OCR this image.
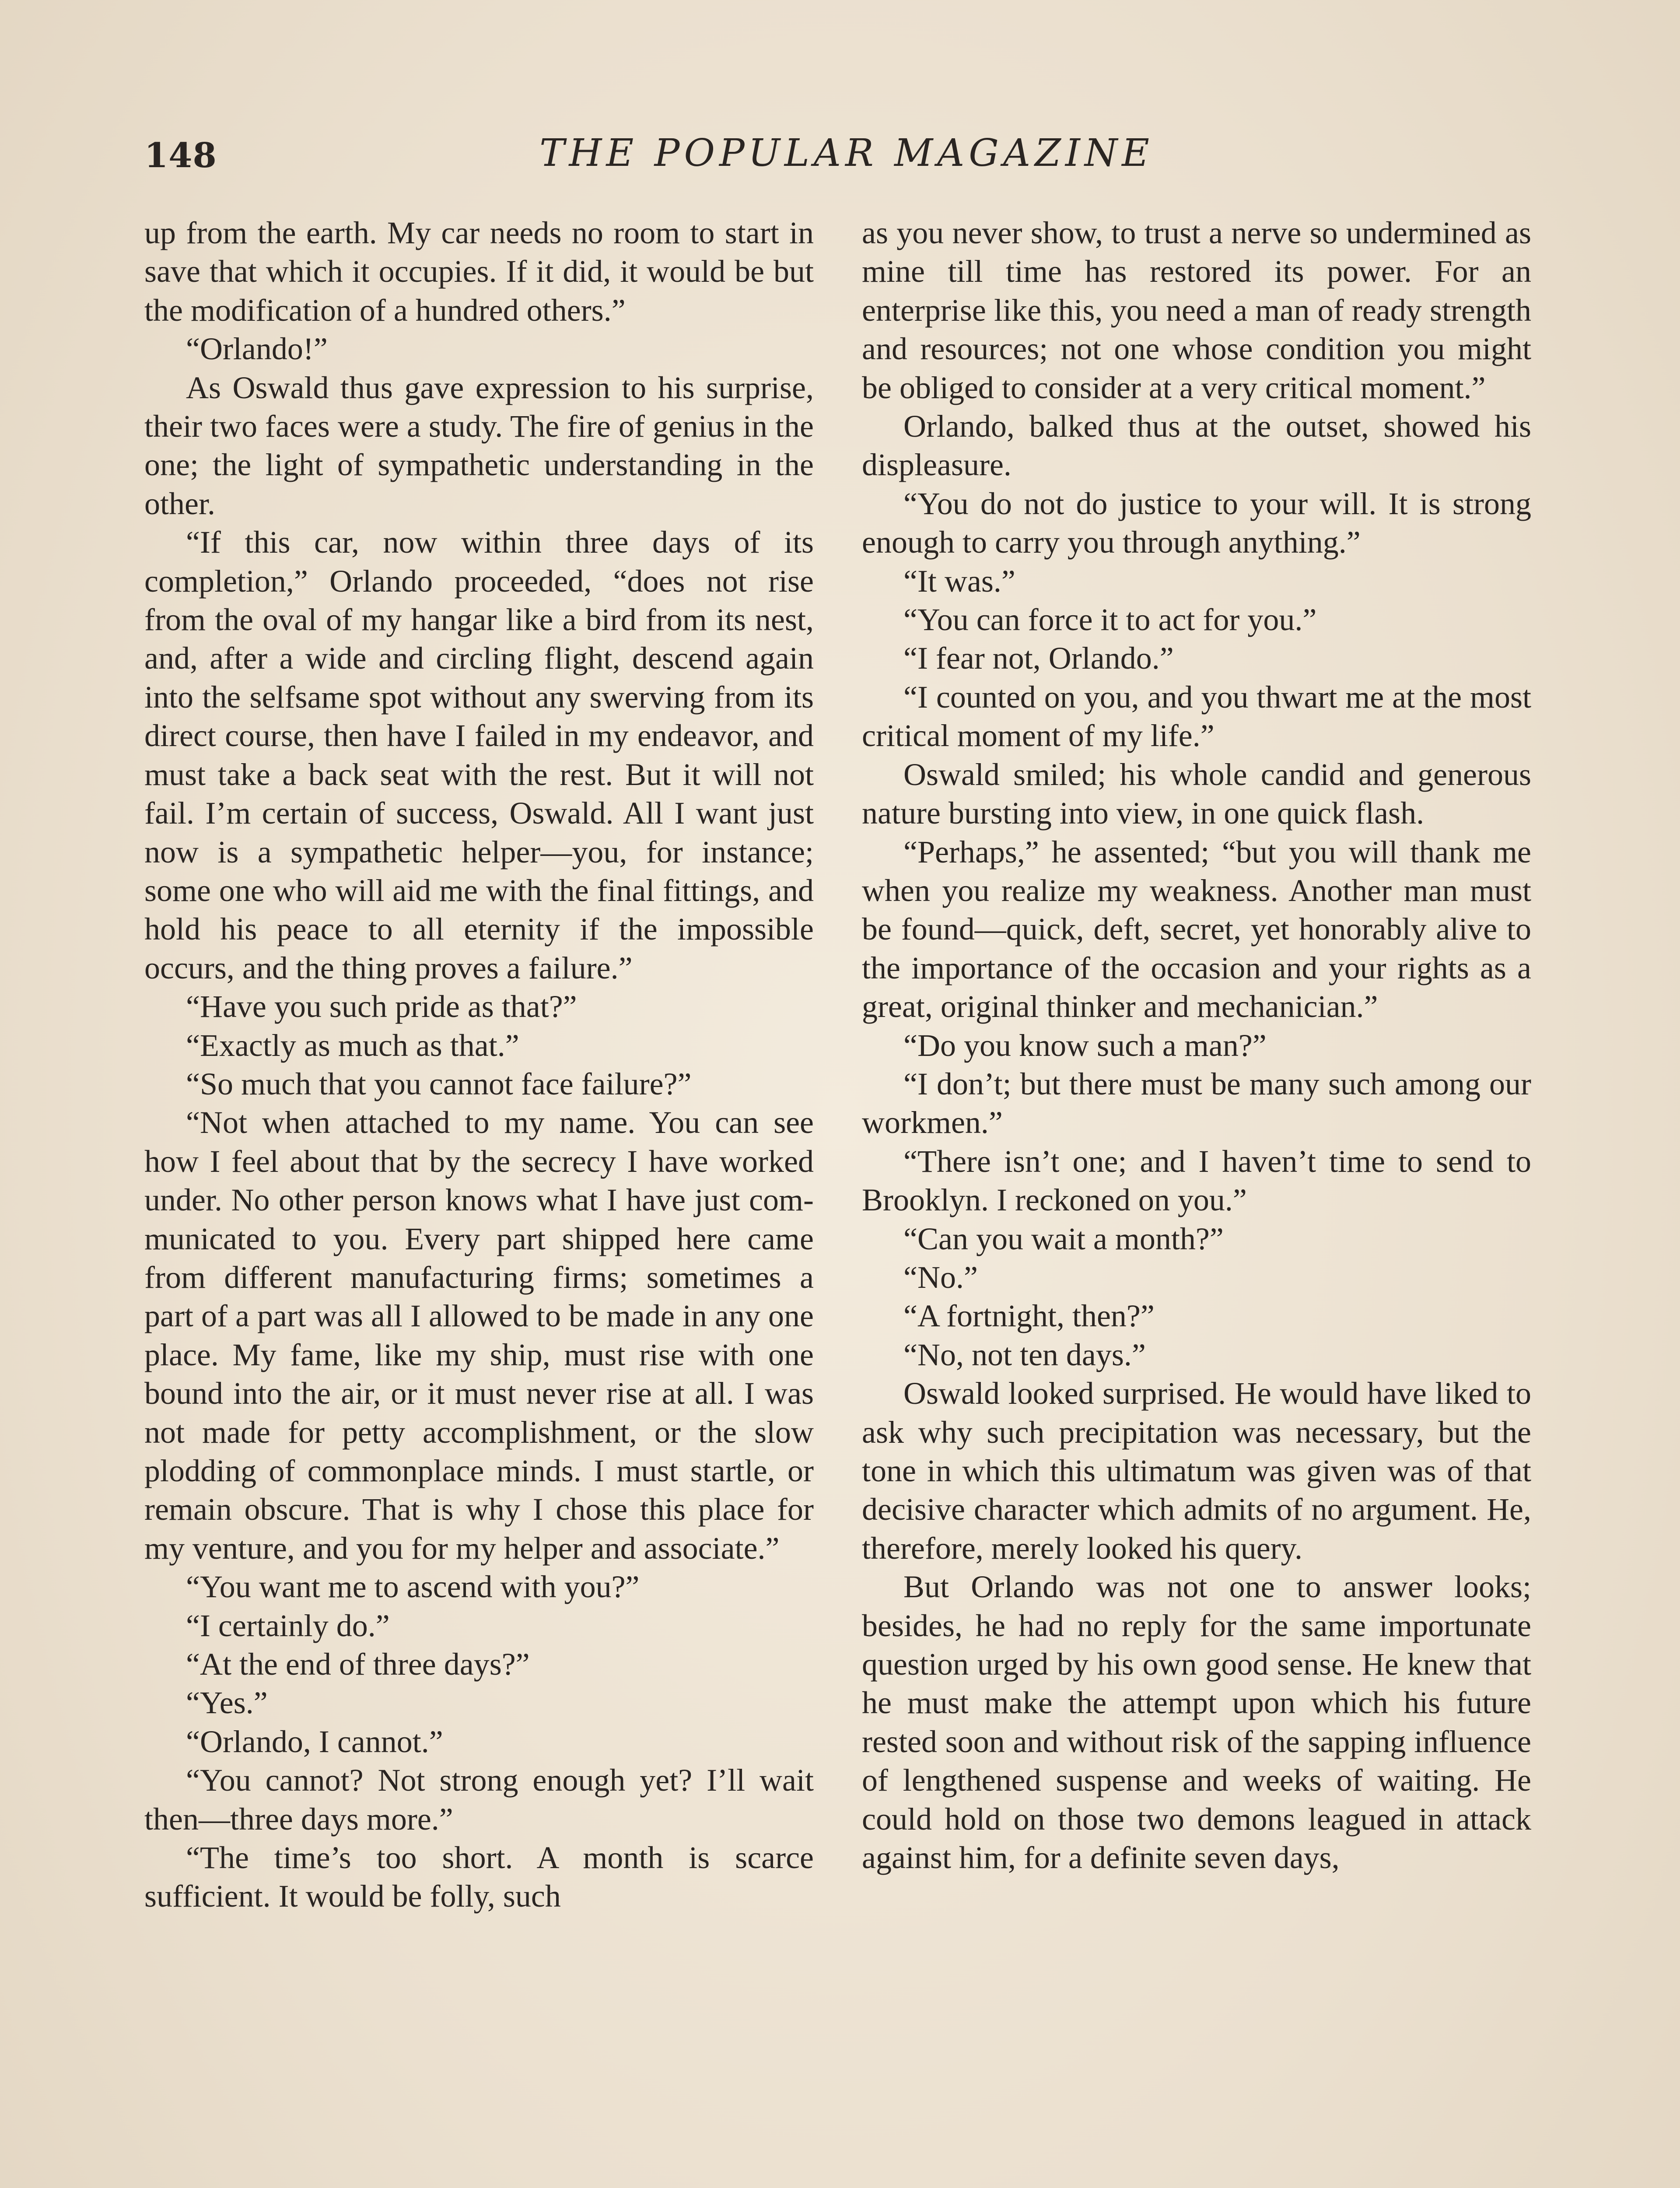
148	THE POPULAR MAGAZINE

up from the earth. My car needs no room to start in save that which it occupies. If it did, it would be but the modification of a hundred others.”

“Orlando!”

As Oswald thus gave expression to his surprise, their two faces were a study. The fire of genius in the one; the light of sympathetic understanding in the other.

“If this car, now within three days of its completion,” Orlando proceeded, “does not rise from the oval of my hangar like a bird from its nest, and, after a wide and circling flight, descend again into the selfsame spot without any swerving from its direct course, then have I failed in my endeavor, and must take a back seat with the rest. But it will not fail. I’m certain of success, Oswald. All I want just now is a sympathetic helper—you, for instance; some one who will aid me with the final fittings, and hold his peace to all eternity if the impossible occurs, and the thing proves a failure.”

“Have you such pride as that?”

“Exactly as much as that.”

“So much that you cannot face failure?”

“Not when attached to my name. You can see how I feel about that by the secrecy I have worked under. No other person knows what I have just communicated to you. Every part shipped here came from different manufacturing firms; sometimes a part of a part was all I allowed to be made in any one place. My fame, like my ship, must rise with one bound into the air, or it must never rise at all. I was not made for petty accomplishment, or the slow plodding of commonplace minds. I must startle, or remain obscure. That is why I chose this place for my venture, and you for my helper and associate.”

“You want me to ascend with you?”

“I certainly do.”

“At the end of three days?”

“Yes.”

“Orlando, I cannot.”

“You cannot? Not strong enough yet? I’ll wait then—three days more.”

“The time’s too short. A month is scarce sufficient. It would be folly, such

as you never show, to trust a nerve so undermined as mine till time has restored its power. For an enterprise like this, you need a man of ready strength and resources; not one whose condition you might be obliged to consider at a very critical moment.”

Orlando, balked thus at the outset, showed his displeasure.

“You do not do justice to your will. It is strong enough to carry you through anything.”

“It was.”

“You can force it to act for you.”

“I fear not, Orlando.”

“I counted on you, and you thwart me at the most critical moment of my life.”

Oswald smiled; his whole candid and generous nature bursting into view, in one quick flash.

“Perhaps,” he assented; “but you will thank me when you realize my weakness. Another man must be found—quick, deft, secret, yet honorably alive to the importance of the occasion and your rights as a great, original thinker and mechanician.”

“Do you know such a man?”

“I don’t; but there must be many such among our workmen.”

“There isn’t one; and I haven’t time to send to Brooklyn. I reckoned on you.”

“Can you wait a month?”

“No.”

“A fortnight, then?”

“No, not ten days.”

Oswald looked surprised. He would have liked to ask why such precipitation was necessary, but the tone in which this ultimatum was given was of that decisive character which admits of no argument. He, therefore, merely looked his query.

But Orlando was not one to answer looks; besides, he had no reply for the same importunate question urged by his own good sense. He knew that he must make the attempt upon which his future rested soon and without risk of the sapping influence of lengthened suspense and weeks of waiting. He could hold on those two demons leagued in attack against him, for a definite seven days,
